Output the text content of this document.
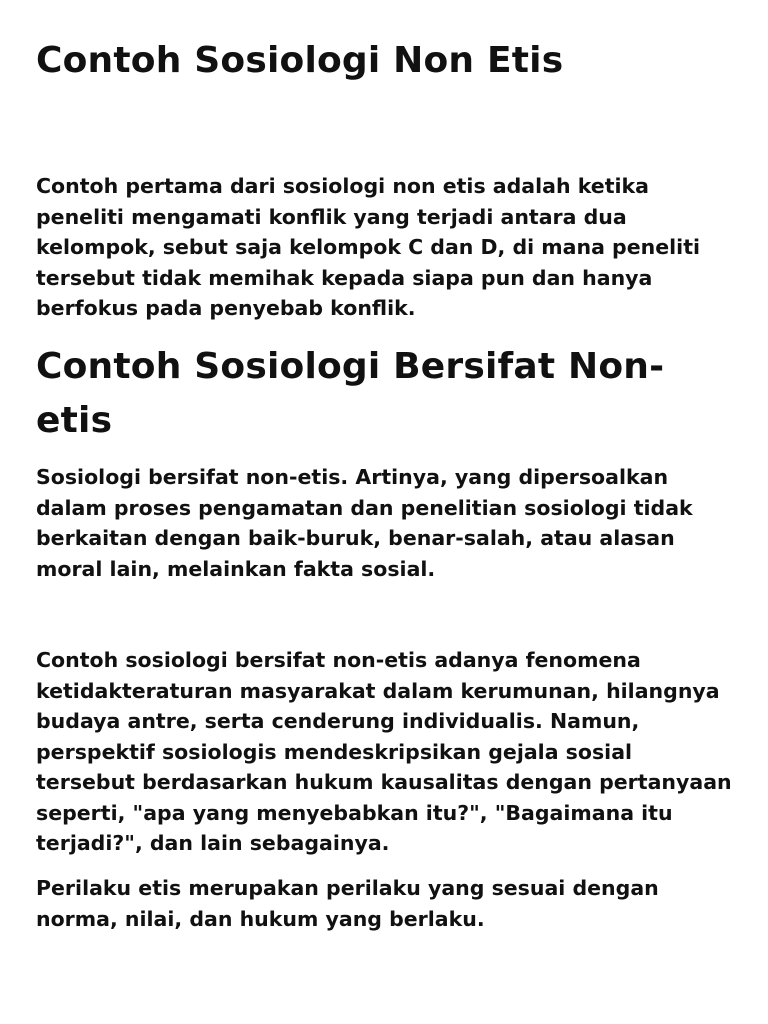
Contoh Sosiologi Non Etis

Contoh pertama dari sosiologi non etis adalah ketika peneliti mengamati konflik yang terjadi antara dua kelompok, sebut saja kelompok C dan D, di mana peneliti tersebut tidak memihak kepada siapa pun dan hanya berfokus pada penyebab konflik.

Contoh Sosiologi Bersifat Non-etis

Sosiologi bersifat non-etis. Artinya, yang dipersoalkan dalam proses pengamatan dan penelitian sosiologi tidak berkaitan dengan baik-buruk, benar-salah, atau alasan moral lain, melainkan fakta sosial.

Contoh sosiologi bersifat non-etis adanya fenomena ketidakteraturan masyarakat dalam kerumunan, hilangnya budaya antre, serta cenderung individualis. Namun, perspektif sosiologis mendeskripsikan gejala sosial tersebut berdasarkan hukum kausalitas dengan pertanyaan seperti, "apa yang menyebabkan itu?", "Bagaimana itu terjadi?", dan lain sebagainya.

Perilaku etis merupakan perilaku yang sesuai dengan norma, nilai, dan hukum yang berlaku.
